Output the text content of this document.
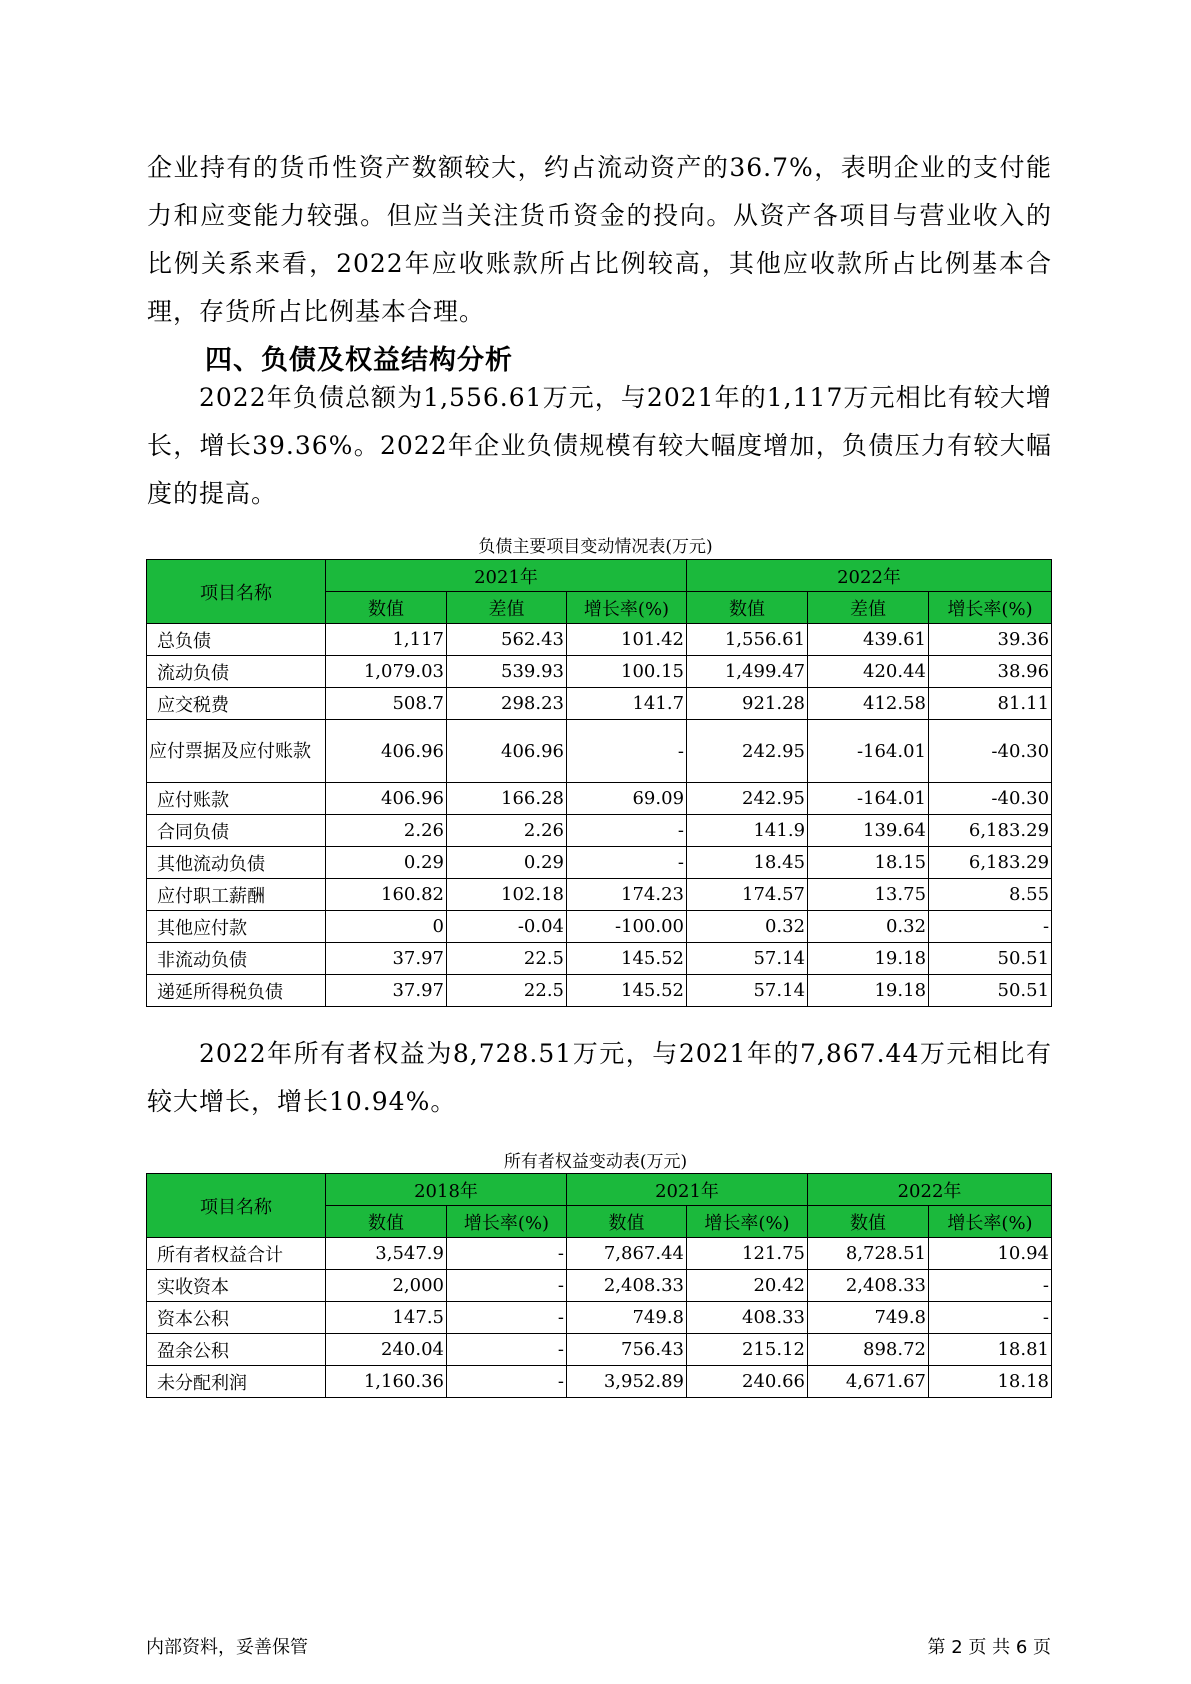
企业持有的货币性资产数额较大，约占流动资产的36.7%，表明企业的支付能力和应变能力较强。但应当关注货币资金的投向。从资产各项目与营业收入的比例关系来看，2022年应收账款所占比例较高，其他应收款所占比例基本合理，存货所占比例基本合理。

四、负债及权益结构分析

2022年负债总额为1,556.61万元，与2021年的1,117万元相比有较大增长，增长39.36%。2022年企业负债规模有较大幅度增加，负债压力有较大幅度的提高。

负债主要项目变动情况表(万元)

项目名称	2021年			2022年		
	数值	差值	增长率(%)	数值	差值	增长率(%)
总负债	1,117	562.43	101.42	1,556.61	439.61	39.36
流动负债	1,079.03	539.93	100.15	1,499.47	420.44	38.96
应交税费	508.7	298.23	141.7	921.28	412.58	81.11
应付票据及应付账款	406.96	406.96	-	242.95	-164.01	-40.30
应付账款	406.96	166.28	69.09	242.95	-164.01	-40.30
合同负债	2.26	2.26	-	141.9	139.64	6,183.29
其他流动负债	0.29	0.29	-	18.45	18.15	6,183.29
应付职工薪酬	160.82	102.18	174.23	174.57	13.75	8.55
其他应付款	0	-0.04	-100.00	0.32	0.32	-
非流动负债	37.97	22.5	145.52	57.14	19.18	50.51
递延所得税负债	37.97	22.5	145.52	57.14	19.18	50.51

2022年所有者权益为8,728.51万元，与2021年的7,867.44万元相比有较大增长，增长10.94%。

所有者权益变动表(万元)

项目名称	2018年		2021年		2022年	
	数值	增长率(%)	数值	增长率(%)	数值	增长率(%)
所有者权益合计	3,547.9	-	7,867.44	121.75	8,728.51	10.94
实收资本	2,000	-	2,408.33	20.42	2,408.33	-
资本公积	147.5	-	749.8	408.33	749.8	-
盈余公积	240.04	-	756.43	215.12	898.72	18.81
未分配利润	1,160.36	-	3,952.89	240.66	4,671.67	18.18
内部资料，妥善保管	第 2 页 共 6 页
